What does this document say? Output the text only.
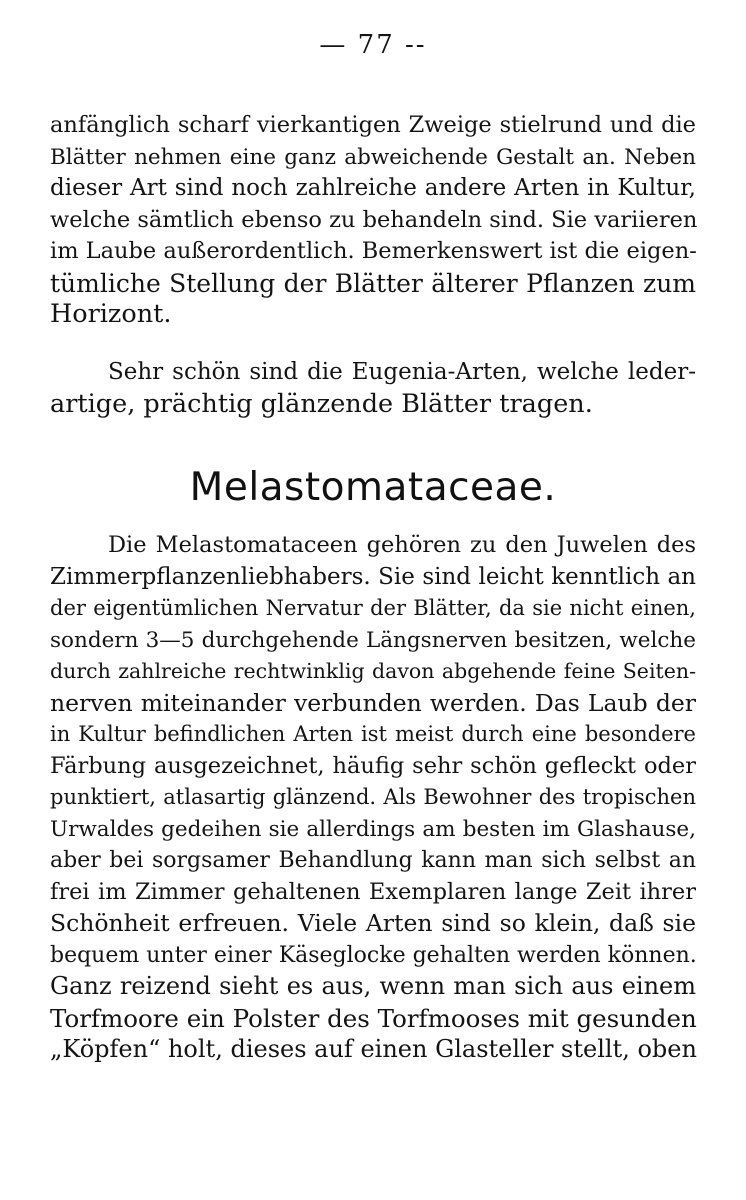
— 77 --
anfänglich scharf vierkantigen Zweige stielrund und die
Blätter nehmen eine ganz abweichende Gestalt an. Neben
dieser Art sind noch zahlreiche andere Arten in Kultur,
welche sämtlich ebenso zu behandeln sind. Sie variieren
im Laube außerordentlich. Bemerkenswert ist die eigen-
tümliche Stellung der Blätter älterer Pflanzen zum
Horizont.
Sehr schön sind die Eugenia-Arten, welche leder-
artige, prächtig glänzende Blätter tragen.
Melastomataceae.
Die Melastomataceen gehören zu den Juwelen des
Zimmerpflanzenliebhabers. Sie sind leicht kenntlich an
der eigentümlichen Nervatur der Blätter, da sie nicht einen,
sondern 3—5 durchgehende Längsnerven besitzen, welche
durch zahlreiche rechtwinklig davon abgehende feine Seiten-
nerven miteinander verbunden werden. Das Laub der
in Kultur befindlichen Arten ist meist durch eine besondere
Färbung ausgezeichnet, häufig sehr schön gefleckt oder
punktiert, atlasartig glänzend. Als Bewohner des tropischen
Urwaldes gedeihen sie allerdings am besten im Glashause,
aber bei sorgsamer Behandlung kann man sich selbst an
frei im Zimmer gehaltenen Exemplaren lange Zeit ihrer
Schönheit erfreuen. Viele Arten sind so klein, daß sie
bequem unter einer Käseglocke gehalten werden können.
Ganz reizend sieht es aus, wenn man sich aus einem
Torfmoore ein Polster des Torfmooses mit gesunden
„Köpfen“ holt, dieses auf einen Glasteller stellt, oben
